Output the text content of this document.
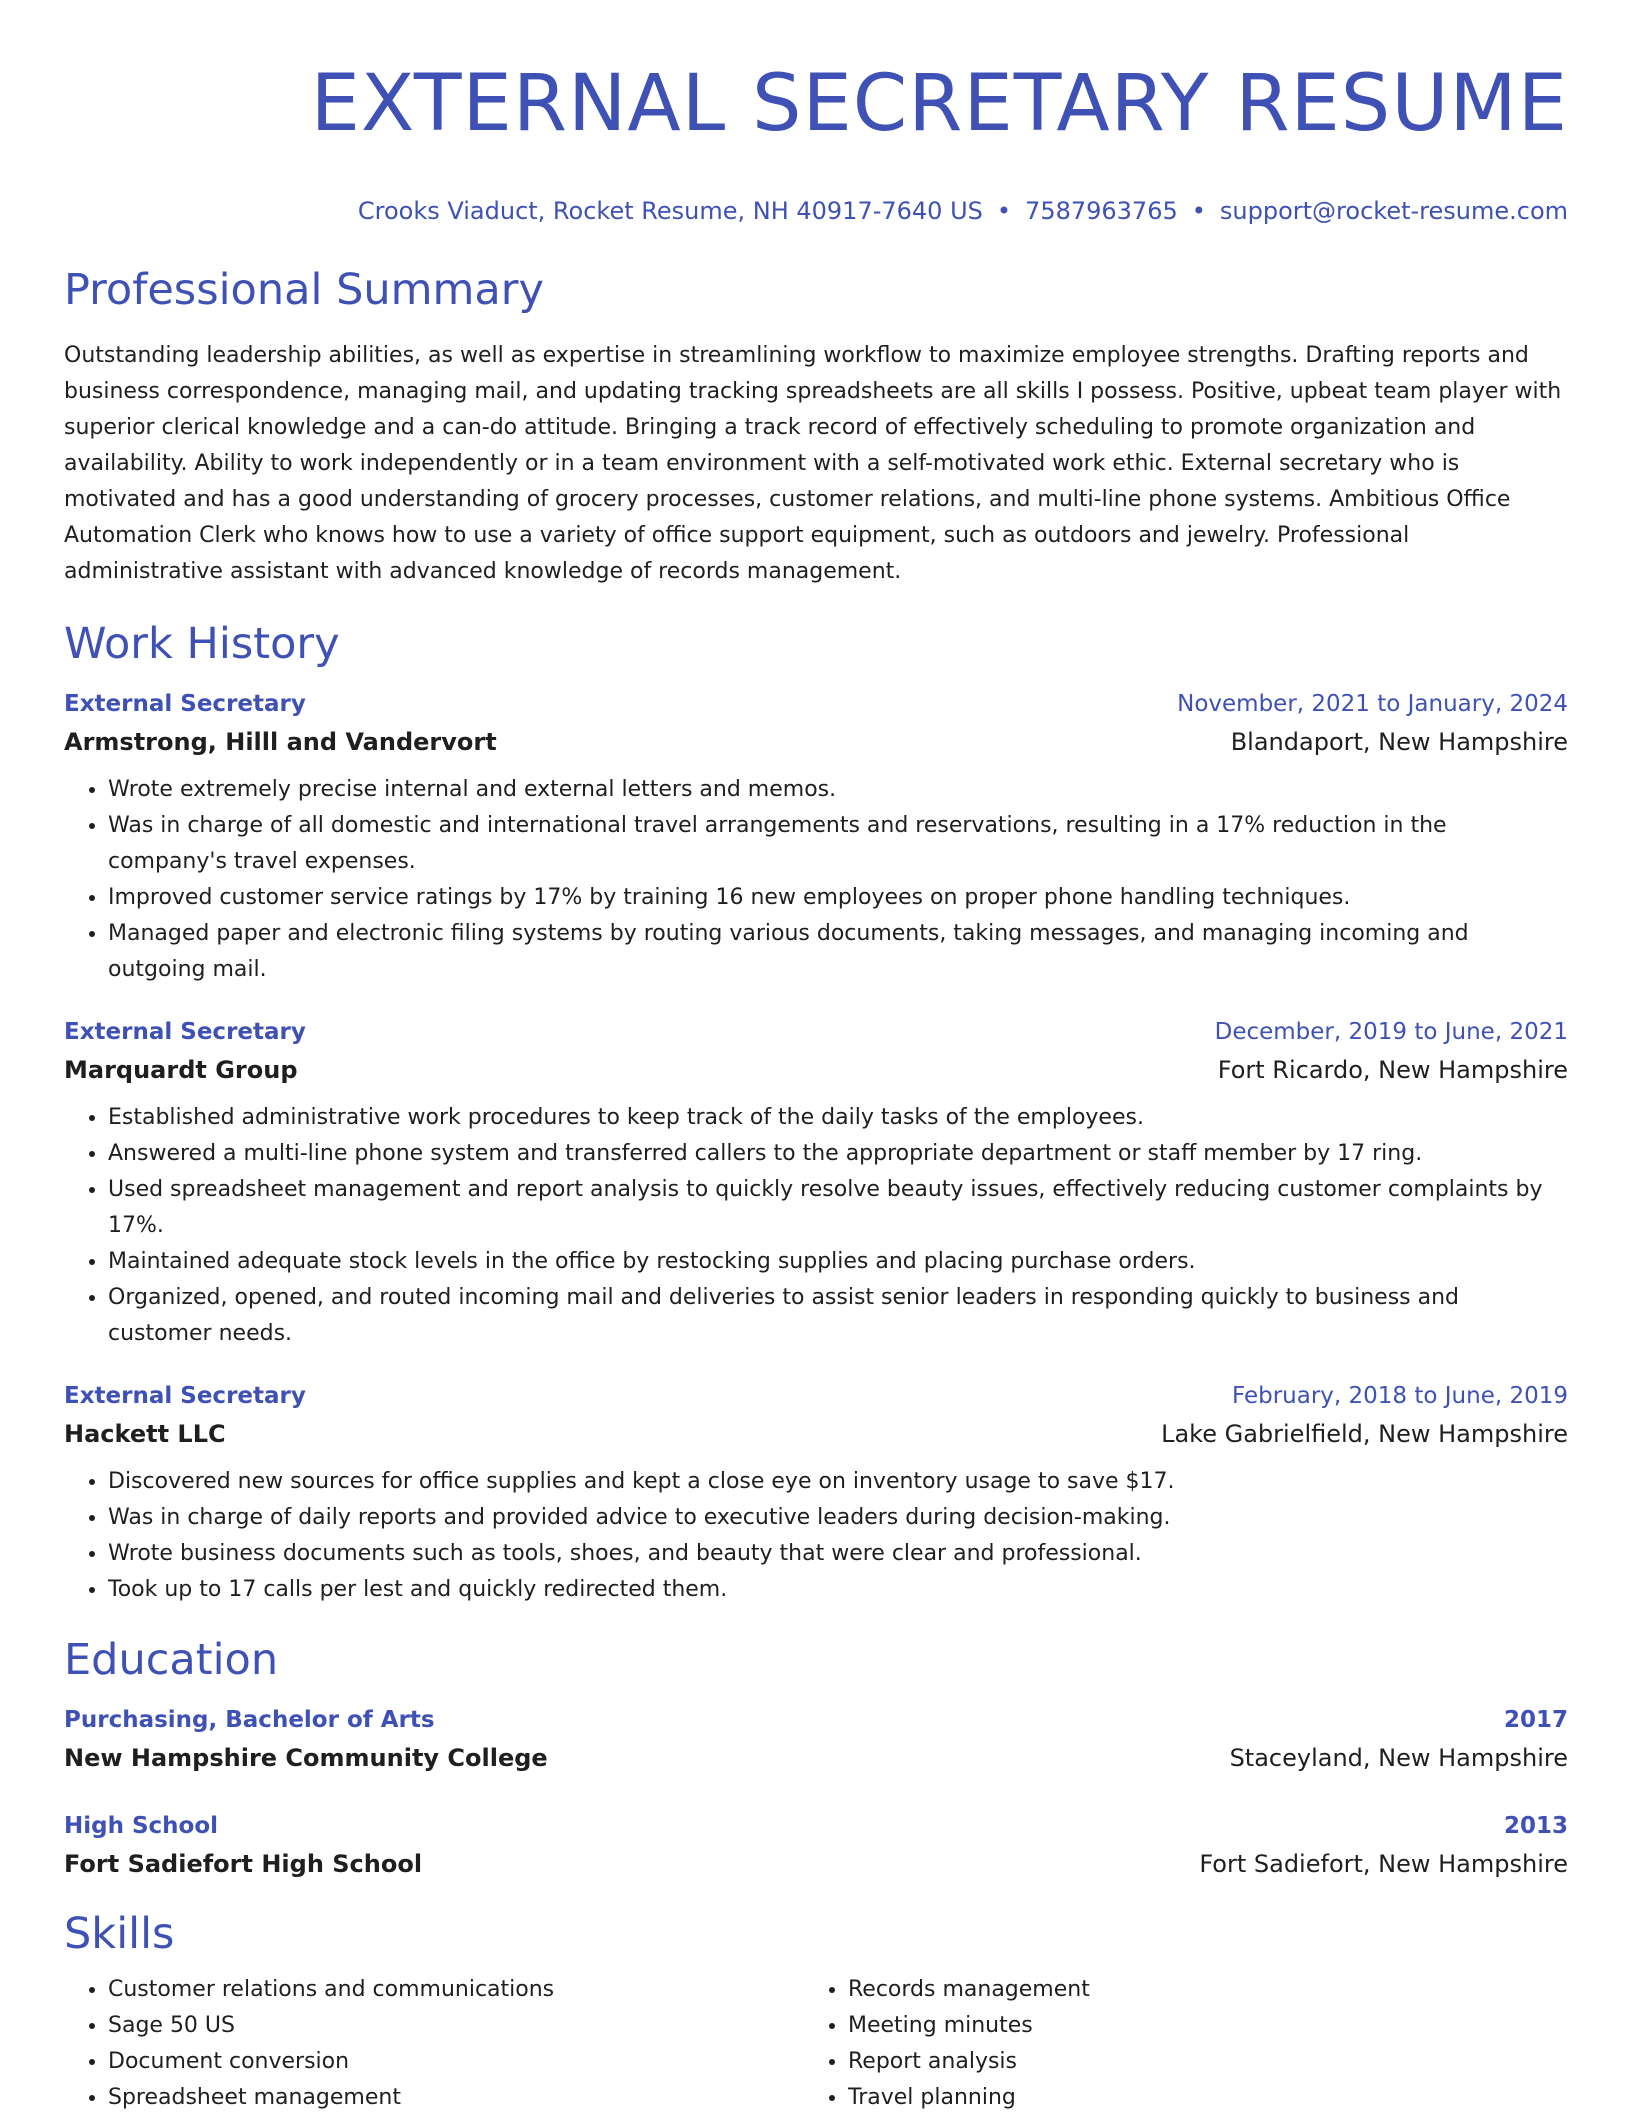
EXTERNAL SECRETARY RESUME
Crooks Viaduct, Rocket Resume, NH 40917-7640 US • 7587963765 • support@rocket-resume.com
Professional Summary

Outstanding leadership abilities, as well as expertise in streamlining workflow to maximize employee strengths. Drafting reports and business correspondence, managing mail, and updating tracking spreadsheets are all skills I possess. Positive, upbeat team player with superior clerical knowledge and a can-do attitude. Bringing a track record of effectively scheduling to promote organization and availability. Ability to work independently or in a team environment with a self-motivated work ethic. External secretary who is motivated and has a good understanding of grocery processes, customer relations, and multi-line phone systems. Ambitious Office Automation Clerk who knows how to use a variety of office support equipment, such as outdoors and jewelry. Professional administrative assistant with advanced knowledge of records management.

Work History
External Secretary	November, 2021 to January, 2024
Armstrong, Hilll and Vandervort	Blandaport, New Hampshire
• Wrote extremely precise internal and external letters and memos.
• Was in charge of all domestic and international travel arrangements and reservations, resulting in a 17% reduction in the company's travel expenses.
• Improved customer service ratings by 17% by training 16 new employees on proper phone handling techniques.
• Managed paper and electronic filing systems by routing various documents, taking messages, and managing incoming and outgoing mail.
External Secretary	December, 2019 to June, 2021
Marquardt Group	Fort Ricardo, New Hampshire
• Established administrative work procedures to keep track of the daily tasks of the employees.
• Answered a multi-line phone system and transferred callers to the appropriate department or staff member by 17 ring.
• Used spreadsheet management and report analysis to quickly resolve beauty issues, effectively reducing customer complaints by 17%.
• Maintained adequate stock levels in the office by restocking supplies and placing purchase orders.
• Organized, opened, and routed incoming mail and deliveries to assist senior leaders in responding quickly to business and customer needs.
External Secretary	February, 2018 to June, 2019
Hackett LLC	Lake Gabrielfield, New Hampshire
• Discovered new sources for office supplies and kept a close eye on inventory usage to save $17.
• Was in charge of daily reports and provided advice to executive leaders during decision-making.
• Wrote business documents such as tools, shoes, and beauty that were clear and professional.
• Took up to 17 calls per lest and quickly redirected them.
Education
Purchasing, Bachelor of Arts	2017
New Hampshire Community College	Staceyland, New Hampshire
High School	2013
Fort Sadiefort High School	Fort Sadiefort, New Hampshire
Skills
• Customer relations and communications
• Sage 50 US
• Document conversion
• Spreadsheet management
• Records management
• Meeting minutes
• Report analysis
• Travel planning
